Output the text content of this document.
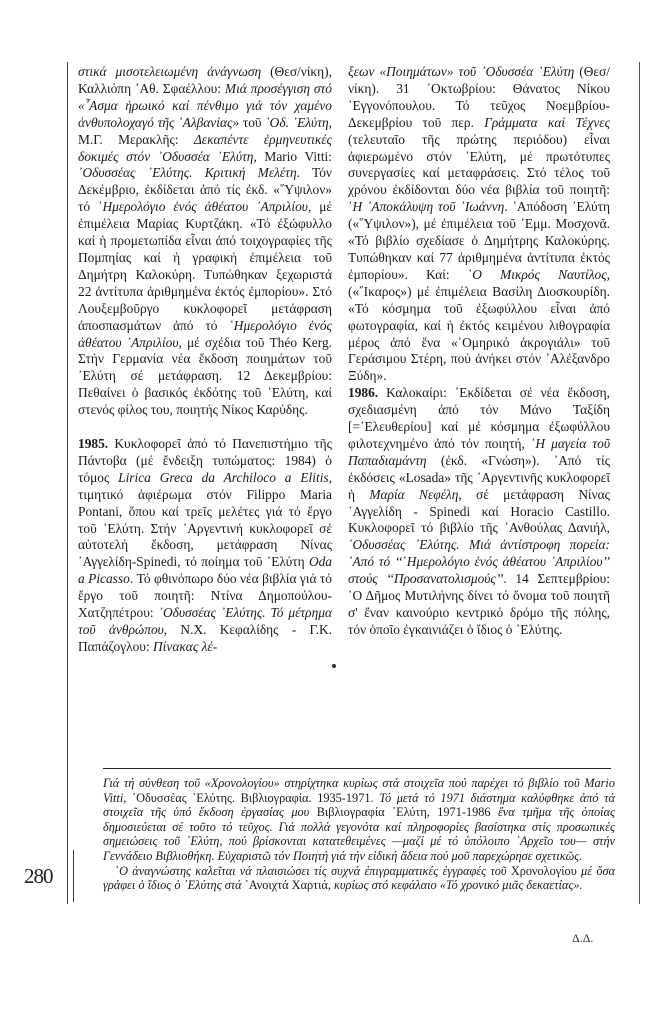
στικά μισοτελειωμένη ἀνάγνωση (Θεσ/νίκη), Καλλιόπη ᾿Αθ. Σφαέλλου: Μιά προσέγγιση στό «῏Ασμα ἡρωικό καί πένθιμο γιά τόν χαμένο ἀνθυπολοχαγό τῆς ᾿Αλβανίας» τοῦ ᾿Οδ. ᾿Ελύτη, Μ.Γ. Μερακλῆς: Δεκαπέντε ἑρμηνευτικές δοκιμές στόν ᾿Οδυσσέα ᾿Ελύτη, Mario Vitti: ᾿Οδυσσέας ᾿Ελύτης. Κριτική Μελέτη. Τόν Δεκέμβριο, ἐκδίδεται ἀπό τίς ἐκδ. «῞Υψιλον» τό ῾Ημερολόγιο ἑνός ἀθέατου ᾿Απριλίου, μέ ἐπιμέλεια Μαρίας Κυρτζάκη. «Τό ἐξώφυλλο καί ἡ προμετωπίδα εἶναι ἀπό τοιχογραφίες τῆς Πομπηίας καί ἡ γραφική ἐπιμέλεια τοῦ Δημήτρη Καλοκύρη. Τυπώθηκαν ξεχωριστά 22 ἀντίτυπα ἀριθμημένα ἐκτός ἐμπορίου». Στό Λουξεμβοῦργο κυκλοφορεῖ μετάφραση ἀποσπασμάτων ἀπό τό ῾Ημερολόγιο ἑνός ἀθέατου ᾿Απριλίου, μέ σχέδια τοῦ Théo Kerg. Στήν Γερμανία νέα ἔκδοση ποιημάτων τοῦ ᾿Ελύτη σέ μετάφραση. 12 Δεκεμβρίου: Πεθαίνει ὁ βασικός ἐκδότης τοῦ ᾿Ελύτη, καί στενός φίλος του, ποιητής Νίκος Καρύδης.

1985. Κυκλοφορεῖ ἀπό τό Πανεπιστήμιο τῆς Πάντοβα (μέ ἔνδειξη τυπώματος: 1984) ὁ τόμος Lirica Greca da Archiloco a Elitis, τιμητικό ἀφιέρωμα στόν Filippo Maria Pontani, ὅπου καί τρεῖς μελέτες γιά τό ἔργο τοῦ ᾿Ελύτη. Στήν ᾿Αργεντινή κυκλοφορεῖ σέ αὐτοτελή ἔκδοση, μετάφραση Νίνας ᾿Αγγελίδη-Spinedi, τό ποίημα τοῦ ᾿Ελύτη Oda a Picasso. Τό φθινόπωρο δύο νέα βιβλία γιά τό ἔργο τοῦ ποιητῆ: Ντίνα Δημοπούλου-Χατζηπέτρου: ᾿Οδυσσέας ᾿Ελύτης. Τό μέτρημα τοῦ ἀνθρώπου, Ν.Χ. Κεφαλίδης - Γ.Κ. Παπάζογλου: Πίνακας λέ-

ξεων «Ποιημάτων» τοῦ ᾿Οδυσσέα ᾿Ελύτη (Θεσ/νίκη). 31 ᾿Οκτωβρίου: Θάνατος Νίκου ᾿Εγγονόπουλου. Τό τεῦχος Νοεμβρίου-Δεκεμβρίου τοῦ περ. Γράμματα καί Τέχνες (τελευταῖο τῆς πρώτης περιόδου) εἶναι ἀφιερωμένο στόν ᾿Ελύτη, μέ πρωτότυπες συνεργασίες καί μεταφράσεις. Στό τέλος τοῦ χρόνου ἐκδίδονται δύο νέα βιβλία τοῦ ποιητῆ: ῾Η ᾿Αποκάλυψη τοῦ ᾿Ιωάννη. ᾿Απόδοση ᾿Ελύτη («῞Υψιλον»), μέ ἐπιμέλεια τοῦ ᾿Εμμ. Μοσχονᾶ. «Τό βιβλίο σχεδίασε ὁ Δημήτρης Καλοκύρης. Τυπώθηκαν καί 77 ἀριθμημένα ἀντίτυπα ἐκτός ἐμπορίου». Καί: ῾Ο Μικρός Ναυτίλος, («῎Ικαρος») μέ ἐπιμέλεια Βασίλη Διοσκουρίδη. «Τό κόσμημα τοῦ ἐξωφύλλου εἶναι ἀπό φωτογραφία, καί ἡ ἐκτός κειμένου λιθογραφία μέρος ἀπό ἕνα «῾Ομηρικό ἀκρογιάλι» τοῦ Γεράσιμου Στέρη, πού ἀνήκει στόν ᾿Αλέξανδρο Ξύδη».

1986. Καλοκαίρι: ᾿Εκδίδεται σέ νέα ἔκδοση, σχεδιασμένη ἀπό τόν Μάνο Ταξίδη [=᾿Ελευθερίου] καί μέ κόσμημα ἐξωφύλλου φιλοτεχνημένο ἀπό τόν ποιητή, ῾Η μαγεία τοῦ Παπαδιαμάντη (ἐκδ. «Γνώση»). ᾿Από τίς ἐκδόσεις «Losada» τῆς ᾿Αργεντινῆς κυκλοφορεῖ ἡ Μαρία Νεφέλη, σέ μετάφραση Νίνας ᾿Αγγελίδη - Spinedi καί Horacio Castillo. Κυκλοφορεῖ τό βιβλίο τῆς ᾿Ανθούλας Δανιήλ, ᾿Οδυσσέας ᾿Ελύτης. Μιά ἀντίστροφη πορεία: ᾿Από τό ‘‘῾Ημερολόγιο ἑνός ἀθέατου ᾿Απριλίου’’ στούς ‘‘Προσανατολισμούς’’. 14 Σεπτεμβρίου: ῾Ο Δῆμος Μυτιλήνης δίνει τό ὄνομα τοῦ ποιητῆ σ' ἕναν καινούριο κεντρικό δρόμο τῆς πόλης, τόν ὁποῖο ἐγκαινιάζει ὁ ἴδιος ὁ ᾿Ελύτης.

Γιά τή σύνθεση τοῦ «Χρονολογίου» στηρίχτηκα κυρίως στά στοιχεῖα πού παρέχει τό βιβλίο τοῦ Mario Vitti, ᾿Οδυσσέας ᾿Ελύτης. Βιβλιογραφία. 1935-1971. Τό μετά τό 1971 διάστημα καλύφθηκε ἀπό τά στοιχεῖα τῆς ὑπό ἔκδοση ἐργασίας μου Βιβλιογραφία ᾿Ελύτη, 1971-1986 ἕνα τμῆμα τῆς ὁποίας δημοσιεύεται σέ τοῦτο τό τεῦχος. Γιά πολλά γεγονότα καί πληροφορίες βασίστηκα στίς προσωπικές σημειώσεις τοῦ ᾿Ελύτη, πού βρίσκονται κατατεθειμένες —μαζί μέ τό ὑπόλοιπο ᾿Αρχεῖο του— στήν Γεννάδειο Βιβλιοθήκη. Εὐχαριστῶ τόν Ποιητή γιά τήν εἰδική ἄδεια πού μοῦ παρεχώρησε σχετικῶς.

῾Ο ἀναγνώστης καλεῖται νά πλαισιώσει τίς συχνά ἐπιγραμματικές ἐγγραφές τοῦ Χρονολογίου μέ ὅσα γράφει ὁ ἴδιος ὁ ᾿Ελύτης στά ᾿Ανοιχτά Χαρτιά, κυρίως στό κεφάλαιο «Τό χρονικό μιᾶς δεκαετίας».

280
Δ.Δ.
